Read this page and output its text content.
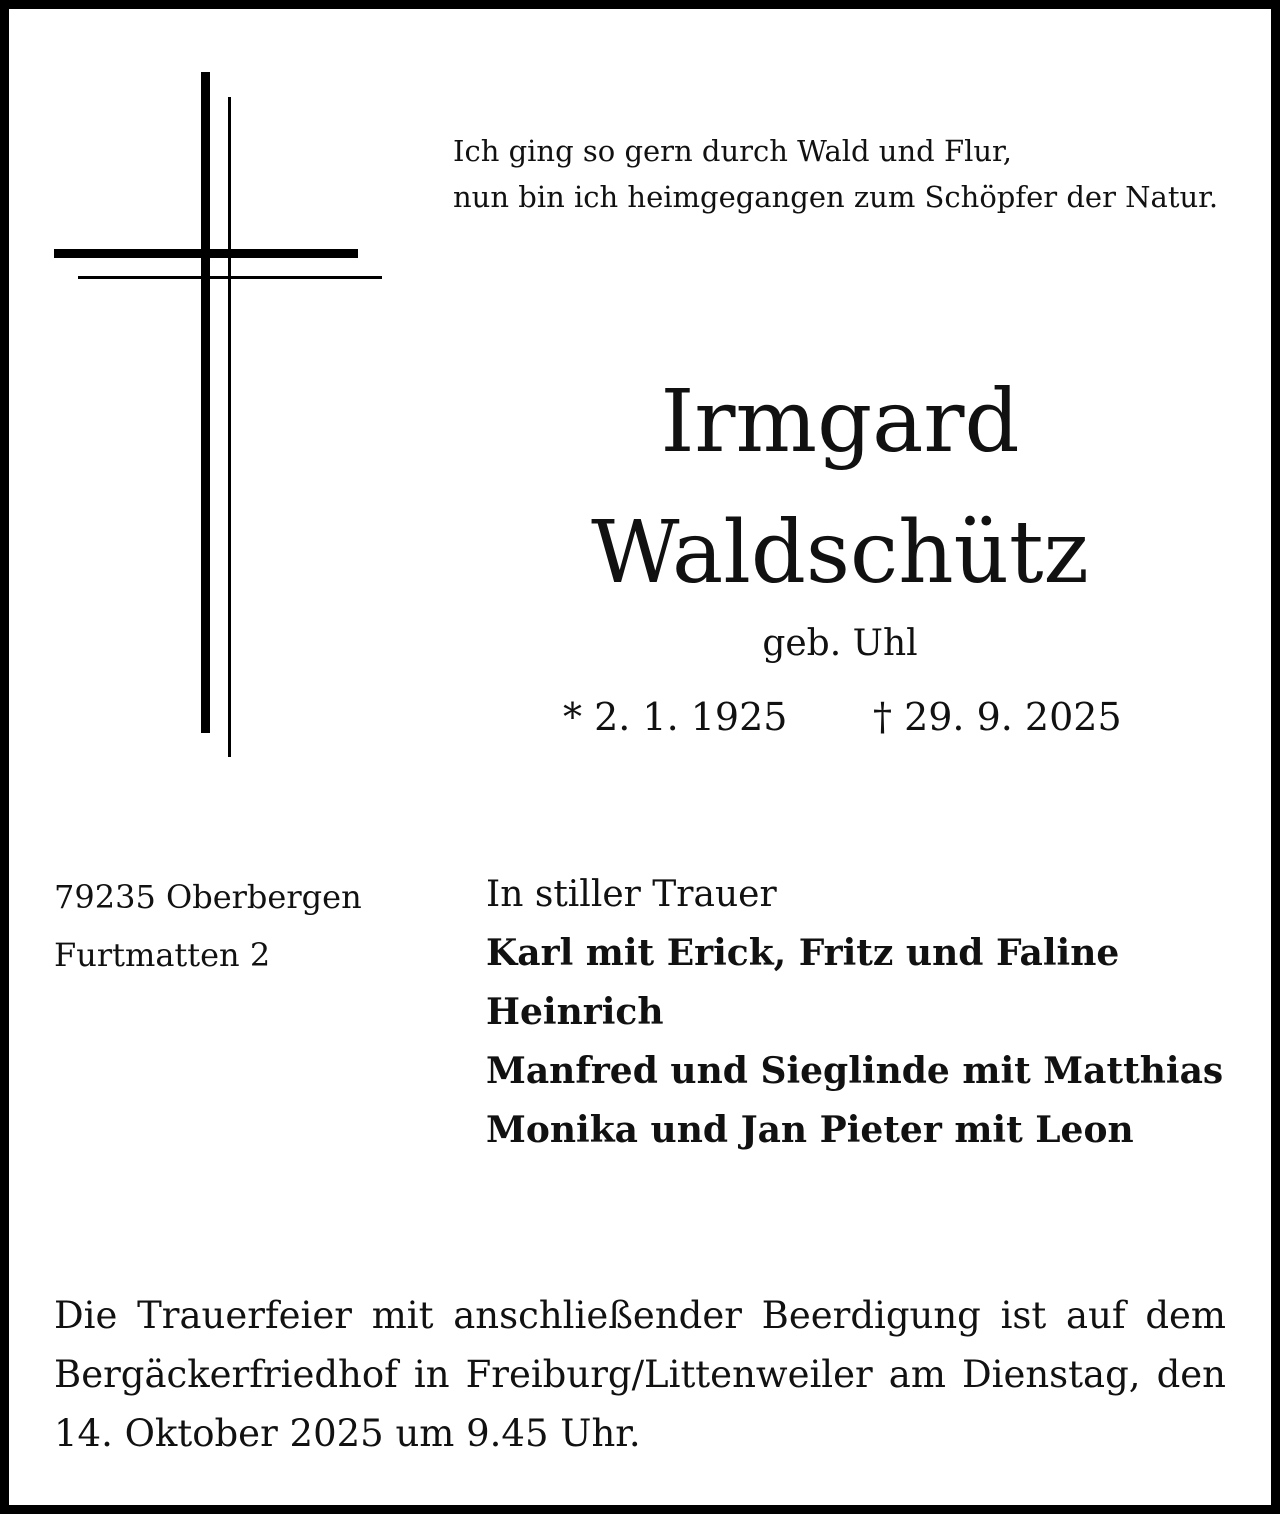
Ich ging so gern durch Wald und Flur,
nun bin ich heimgegangen zum Schöpfer der Natur.
Irmgard
Waldschütz
geb. Uhl
* 2. 1. 1925 † 29. 9. 2025
79235 Oberbergen
Furtmatten 2
In stiller Trauer
Karl mit Erick, Fritz und Faline
Heinrich
Manfred und Sieglinde mit Matthias
Monika und Jan Pieter mit Leon
Die Trauerfeier mit anschließender Beerdigung ist auf dem Bergäckerfriedhof in Freiburg/Littenweiler am Dienstag, den 14. Oktober 2025 um 9.45 Uhr.
